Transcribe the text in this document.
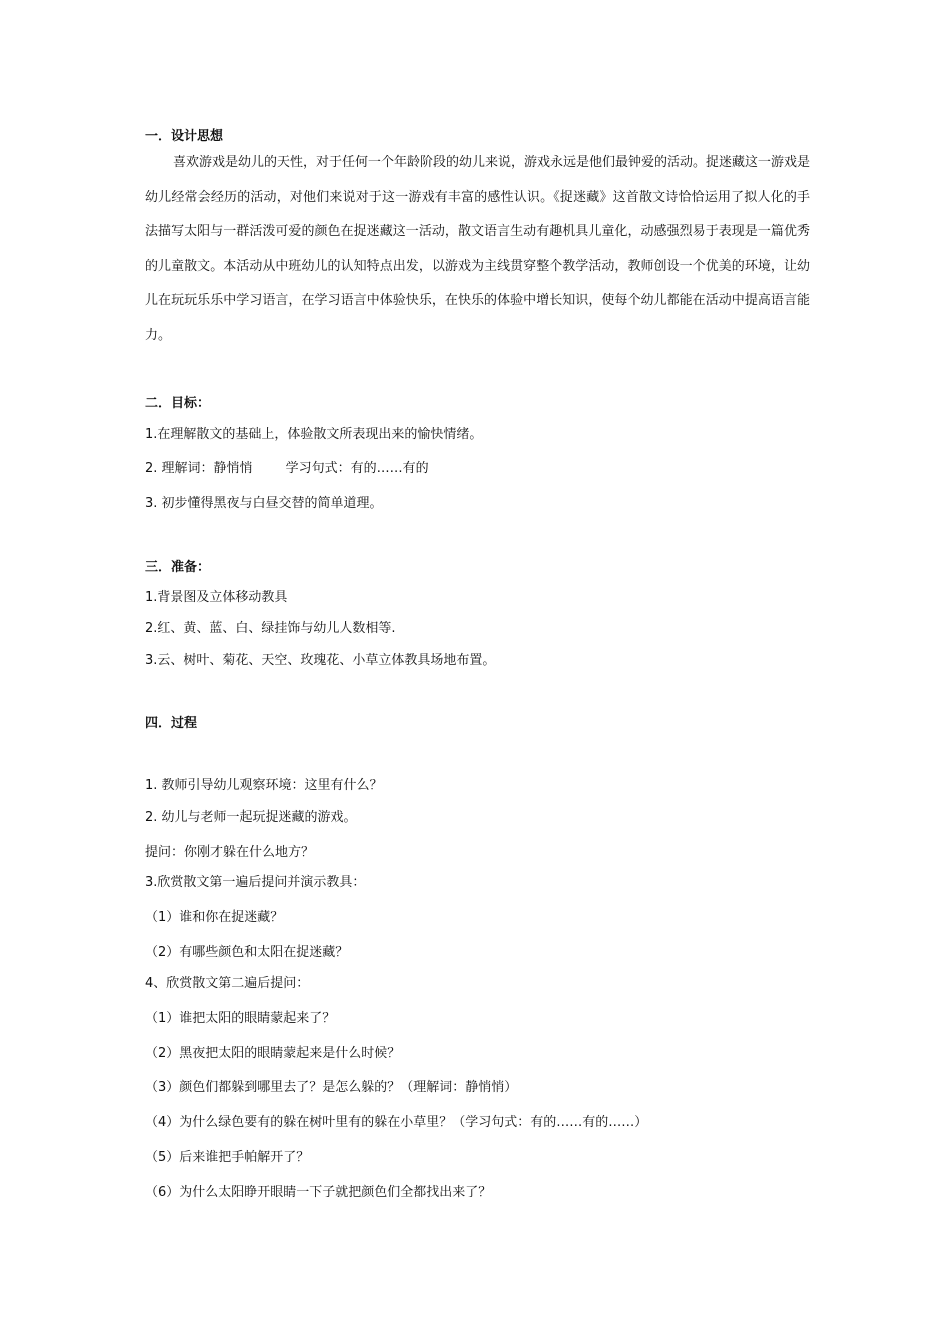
一．设计思想

喜欢游戏是幼儿的天性，对于任何一个年龄阶段的幼儿来说，游戏永远是他们最钟爱的活动。捉迷藏这一游戏是幼儿经常会经历的活动，对他们来说对于这一游戏有丰富的感性认识。《捉迷藏》这首散文诗恰恰运用了拟人化的手法描写太阳与一群活泼可爱的颜色在捉迷藏这一活动，散文语言生动有趣机具儿童化，动感强烈易于表现是一篇优秀的儿童散文。本活动从中班幼儿的认知特点出发，以游戏为主线贯穿整个教学活动，教师创设一个优美的环境，让幼儿在玩玩乐乐中学习语言，在学习语言中体验快乐，在快乐的体验中增长知识，使每个幼儿都能在活动中提高语言能力。

二．目标：
1.在理解散文的基础上，体验散文所表现出来的愉快情绪。
2. 理解词：静悄悄        学习句式：有的……有的
3. 初步懂得黑夜与白昼交替的简单道理。
三．准备：
1.背景图及立体移动教具
2.红、黄、蓝、白、绿挂饰与幼儿人数相等.
3.云、树叶、菊花、天空、玫瑰花、小草立体教具场地布置。
四．过程
1. 教师引导幼儿观察环境：这里有什么？
2. 幼儿与老师一起玩捉迷藏的游戏。
提问：你刚才躲在什么地方？
3.欣赏散文第一遍后提问并演示教具：
（1）谁和你在捉迷藏？
（2）有哪些颜色和太阳在捉迷藏？
4、欣赏散文第二遍后提问：
（1）谁把太阳的眼睛蒙起来了？
（2）黑夜把太阳的眼睛蒙起来是什么时候？
（3）颜色们都躲到哪里去了？是怎么躲的？（理解词：静悄悄）
（4）为什么绿色要有的躲在树叶里有的躲在小草里？（学习句式：有的……有的……）
（5）后来谁把手帕解开了？
（6）为什么太阳睁开眼睛一下子就把颜色们全都找出来了？
